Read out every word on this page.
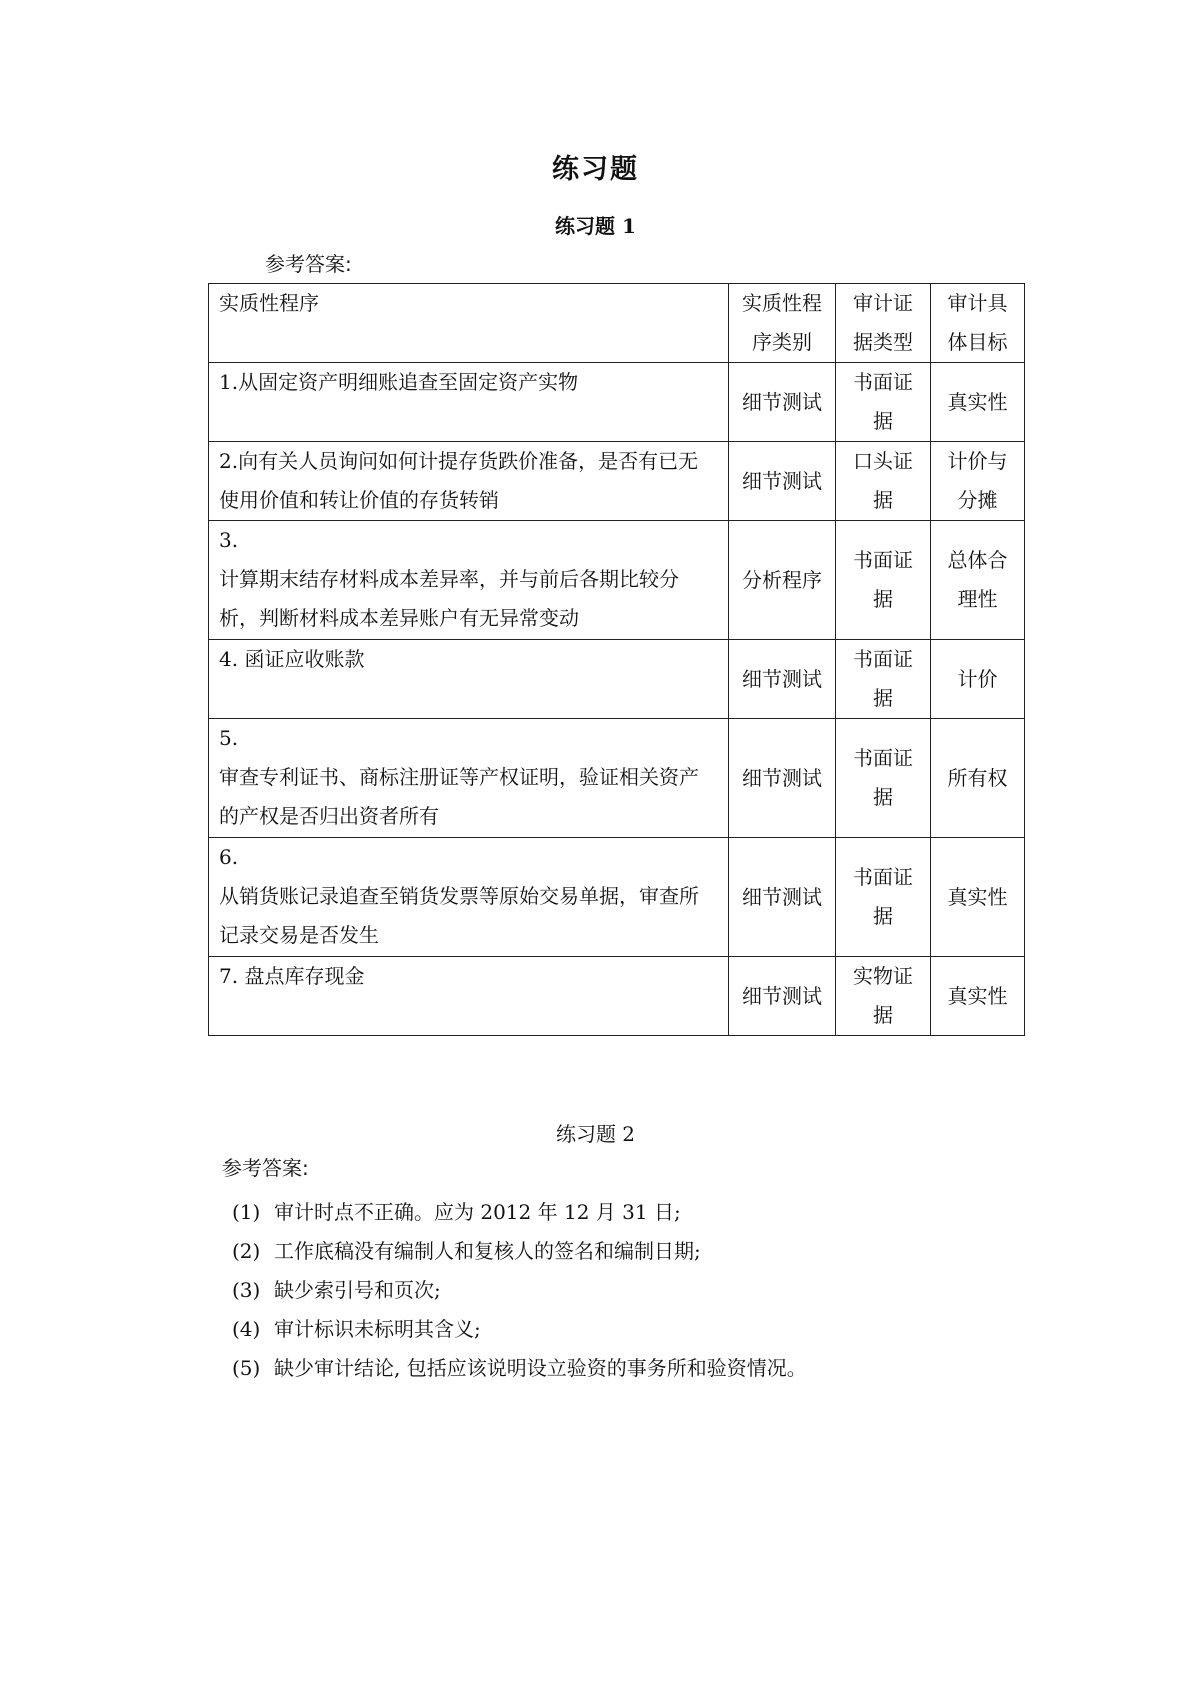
练习题
练习题 1
参考答案:
实质性程序	实质性程序类别	审计证据类型	审计具体目标
1.从固定资产明细账追查至固定资产实物	细节测试	书面证据	真实性
2.向有关人员询问如何计提存货跌价准备，是否有已无使用价值和转让价值的存货转销	细节测试	口头证据	计价与分摊
3.
计算期末结存材料成本差异率，并与前后各期比较分析，判断材料成本差异账户有无异常变动	分析程序	书面证据	总体合理性
4. 函证应收账款	细节测试	书面证据	计价
5.
审查专利证书、商标注册证等产权证明，验证相关资产的产权是否归出资者所有	细节测试	书面证据	所有权
6.
从销货账记录追查至销货发票等原始交易单据，审查所记录交易是否发生	细节测试	书面证据	真实性
7. 盘点库存现金	细节测试	实物证据	真实性
练习题 2
参考答案:
(1) 审计时点不正确。应为 2012 年 12 月 31 日;
(2) 工作底稿没有编制人和复核人的签名和编制日期;
(3) 缺少索引号和页次;
(4) 审计标识未标明其含义;
(5) 缺少审计结论, 包括应该说明设立验资的事务所和验资情况。
